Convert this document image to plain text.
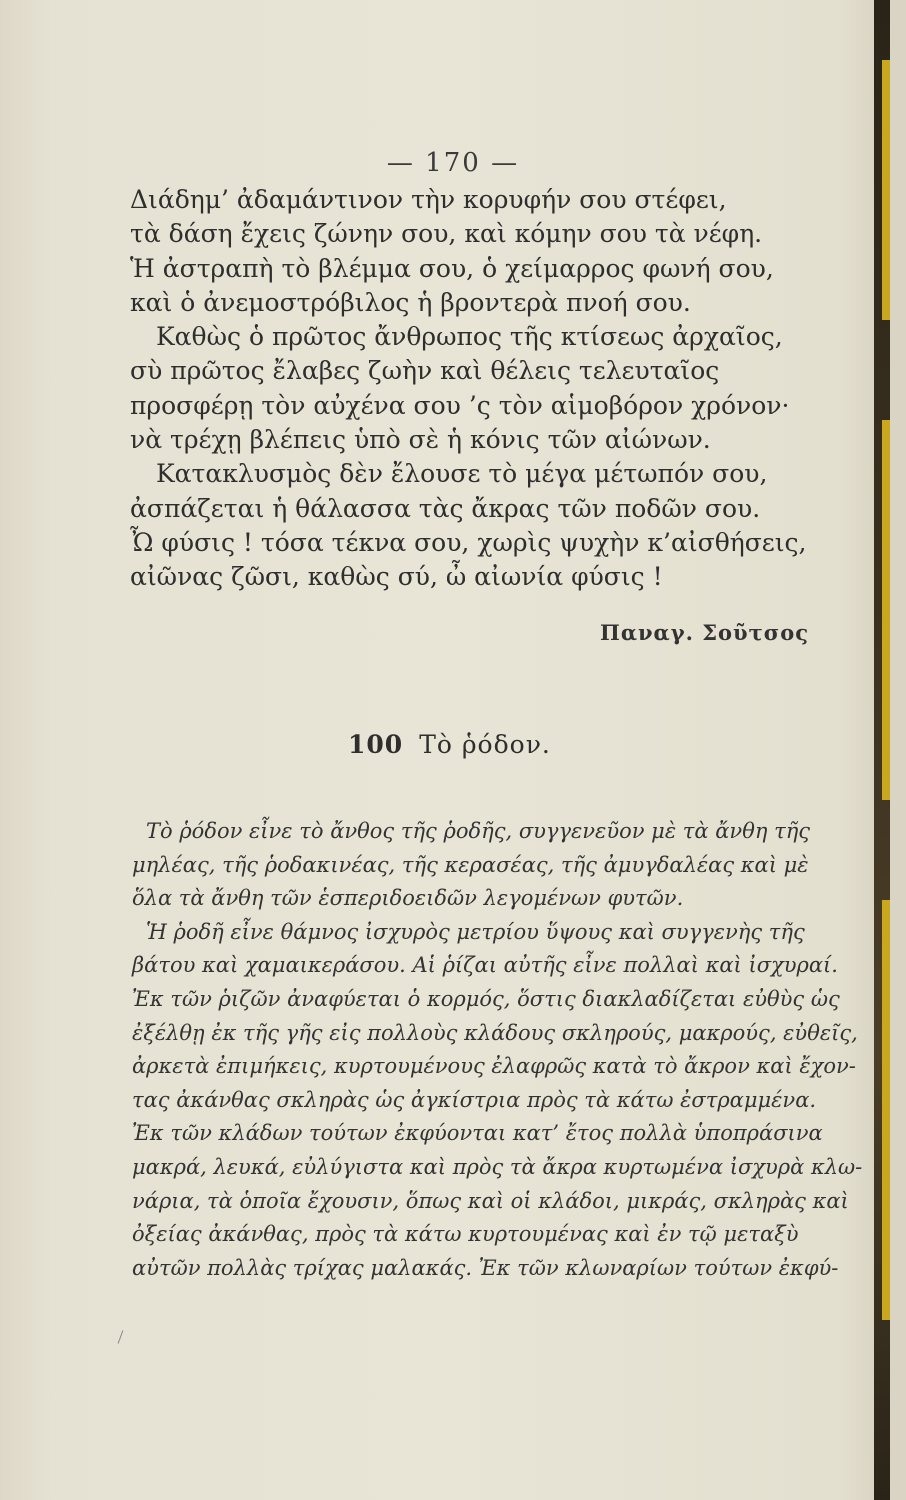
— 170 —
Διάδημ’ ἀδαμάντινον τὴν κορυφήν σου στέφει,
τὰ δάση ἔχεις ζώνην σου, καὶ κόμην σου τὰ νέφη.
Ἡ ἀστραπὴ τὸ βλέμμα σου, ὁ χείμαρρος φωνή σου,
καὶ ὁ ἀνεμοστρόβιλος ἡ βροντερὰ πνοή σου.
Καθὼς ὁ πρῶτος ἄνθρωπος τῆς κτίσεως ἀρχαῖος,
σὺ πρῶτος ἔλαβες ζωὴν καὶ θέλεις τελευταῖος
προσφέρῃ τὸν αὐχένα σου ’ς τὸν αἱμοβόρον χρόνον·
νὰ τρέχῃ βλέπεις ὑπὸ σὲ ἡ κόνις τῶν αἰώνων.
Κατακλυσμὸς δὲν ἔλουσε τὸ μέγα μέτωπόν σου,
ἀσπάζεται ἡ θάλασσα τὰς ἄκρας τῶν ποδῶν σου.
Ὦ φύσις ! τόσα τέκνα σου, χωρὶς ψυχὴν κ’αἰσθήσεις,
αἰῶνας ζῶσι, καθὼς σύ, ὦ αἰωνία φύσις !
Παναγ. Σοῦτσος
100 Τὸ ῥόδον.
Τὸ ῥόδον εἶνε τὸ ἄνθος τῆς ῥοδῆς, συγγενεῦον μὲ τὰ ἄνθη τῆς
μηλέας, τῆς ῥοδακινέας, τῆς κερασέας, τῆς ἀμυγδαλέας καὶ μὲ
ὅλα τὰ ἄνθη τῶν ἑσπεριδοειδῶν λεγομένων φυτῶν.
Ἡ ῥοδῆ εἶνε θάμνος ἰσχυρὸς μετρίου ὕψους καὶ συγγενὴς τῆς
βάτου καὶ χαμαικεράσου. Αἱ ῥίζαι αὐτῆς εἶνε πολλαὶ καὶ ἰσχυραί.
Ἐκ τῶν ῥιζῶν ἀναφύεται ὁ κορμός, ὅστις διακλαδίζεται εὐθὺς ὡς
ἐξέλθῃ ἐκ τῆς γῆς εἰς πολλοὺς κλάδους σκληρούς, μακρούς, εὐθεῖς,
ἀρκετὰ ἐπιμήκεις, κυρτουμένους ἐλαφρῶς κατὰ τὸ ἄκρον καὶ ἔχον-
τας ἀκάνθας σκληρὰς ὡς ἀγκίστρια πρὸς τὰ κάτω ἐστραμμένα.
Ἐκ τῶν κλάδων τούτων ἐκφύονται κατ’ ἔτος πολλὰ ὑποπράσινα
μακρά, λευκά, εὐλύγιστα καὶ πρὸς τὰ ἄκρα κυρτωμένα ἰσχυρὰ κλω-
νάρια, τὰ ὁποῖα ἔχουσιν, ὅπως καὶ οἱ κλάδοι, μικράς, σκληρὰς καὶ
ὀξείας ἀκάνθας, πρὸς τὰ κάτω κυρτουμένας καὶ ἐν τῷ μεταξὺ
αὐτῶν πολλὰς τρίχας μαλακάς. Ἐκ τῶν κλωναρίων τούτων ἐκφύ-
